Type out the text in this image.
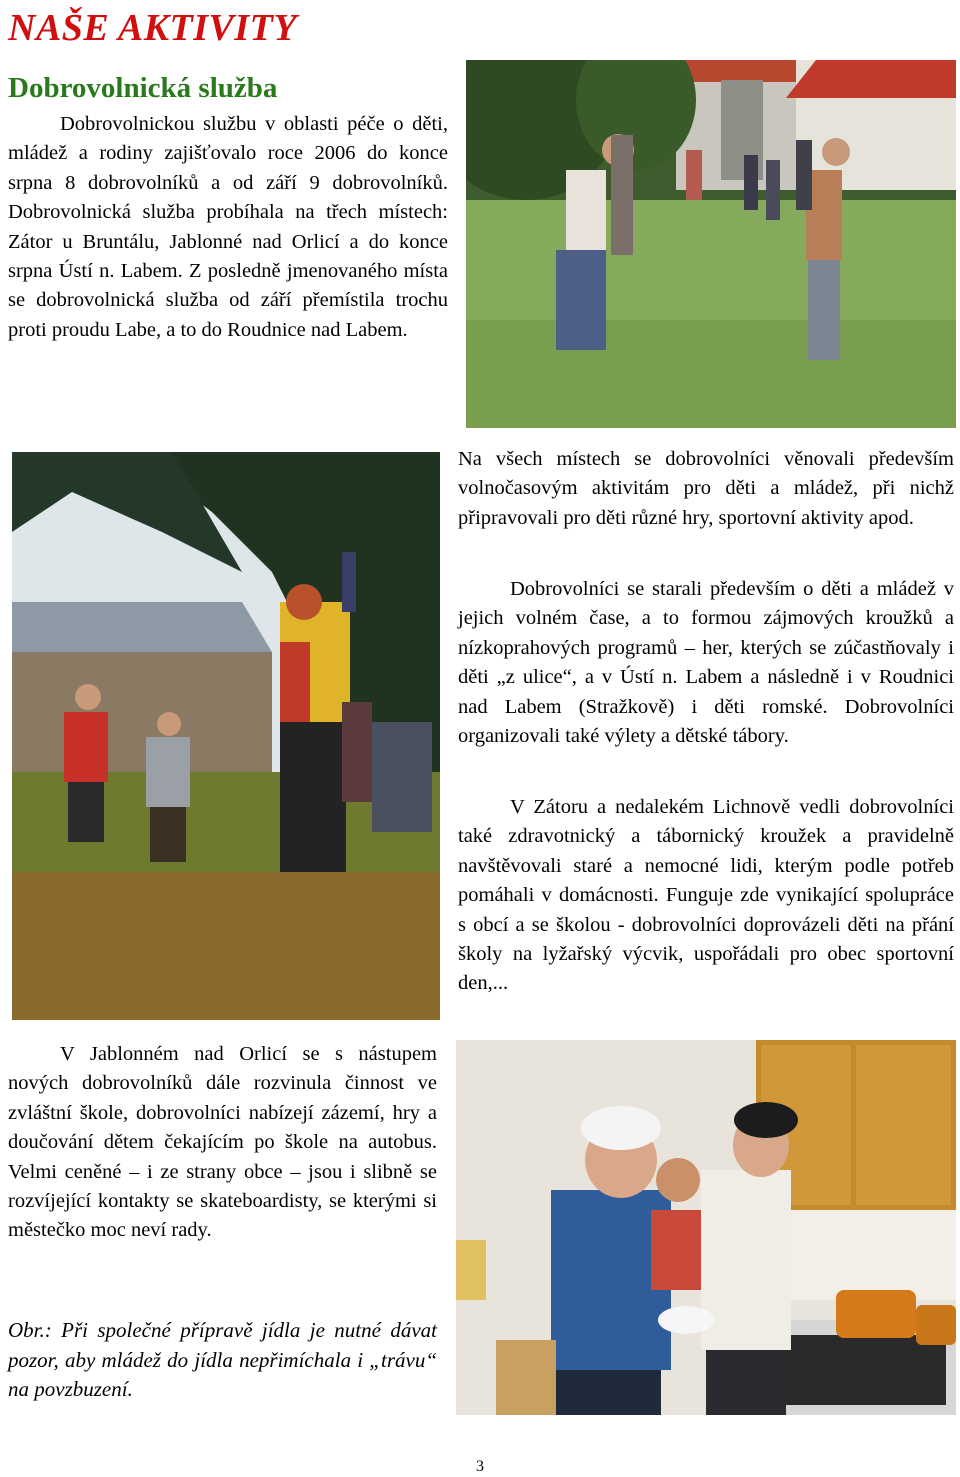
NAŠE AKTIVITY
Dobrovolnická služba

Dobrovolnickou službu v oblasti péče o děti, mládež a rodiny zajišťovalo roce 2006 do konce srpna 8 dobrovolníků a od září 9 dobrovolníků. Dobrovolnická služba probíhala na třech místech: Zátor u Bruntálu, Jablonné nad Orlicí a do konce srpna Ústí n. Labem. Z posledně jmenovaného místa se dobrovolnická služba od září přemístila trochu proti proudu Labe, a to do Roudnice nad Labem.

Na všech místech se dobrovolníci věnovali především volnočasovým aktivitám pro děti a mládež, při nichž připravovali pro děti různé hry, sportovní aktivity apod.

Dobrovolníci se starali především o děti a mládež v jejich volném čase, a to formou zájmových kroužků a nízkoprahových programů – her, kterých se zúčastňovaly i děti „z ulice“, a v Ústí n. Labem a následně i v Roudnici nad Labem (Stražkově) i děti romské. Dobrovolníci organizovali také výlety a dětské tábory.

V Zátoru a nedalekém Lichnově vedli dobrovolníci také zdravotnický a tábornický kroužek a pravidelně navštěvovali staré a nemocné lidi, kterým podle potřeb pomáhali v domácnosti. Funguje zde vynikající spolupráce s obcí a se školou - dobrovolníci doprovázeli děti na přání školy na lyžařský výcvik, uspořádali pro obec sportovní den,...

V Jablonném nad Orlicí se s nástupem nových dobrovolníků dále rozvinula činnost ve zvláštní škole, dobrovolníci nabízejí zázemí, hry a doučování dětem čekajícím po škole na autobus. Velmi ceněné – i ze strany obce – jsou i slibně se rozvíjející kontakty se skateboardisty, se kterými si městečko moc neví rady.

Obr.: Při společné přípravě jídla je nutné dávat pozor, aby mládež do jídla nepřimíchala i „trávu“ na povzbuzení.

3
